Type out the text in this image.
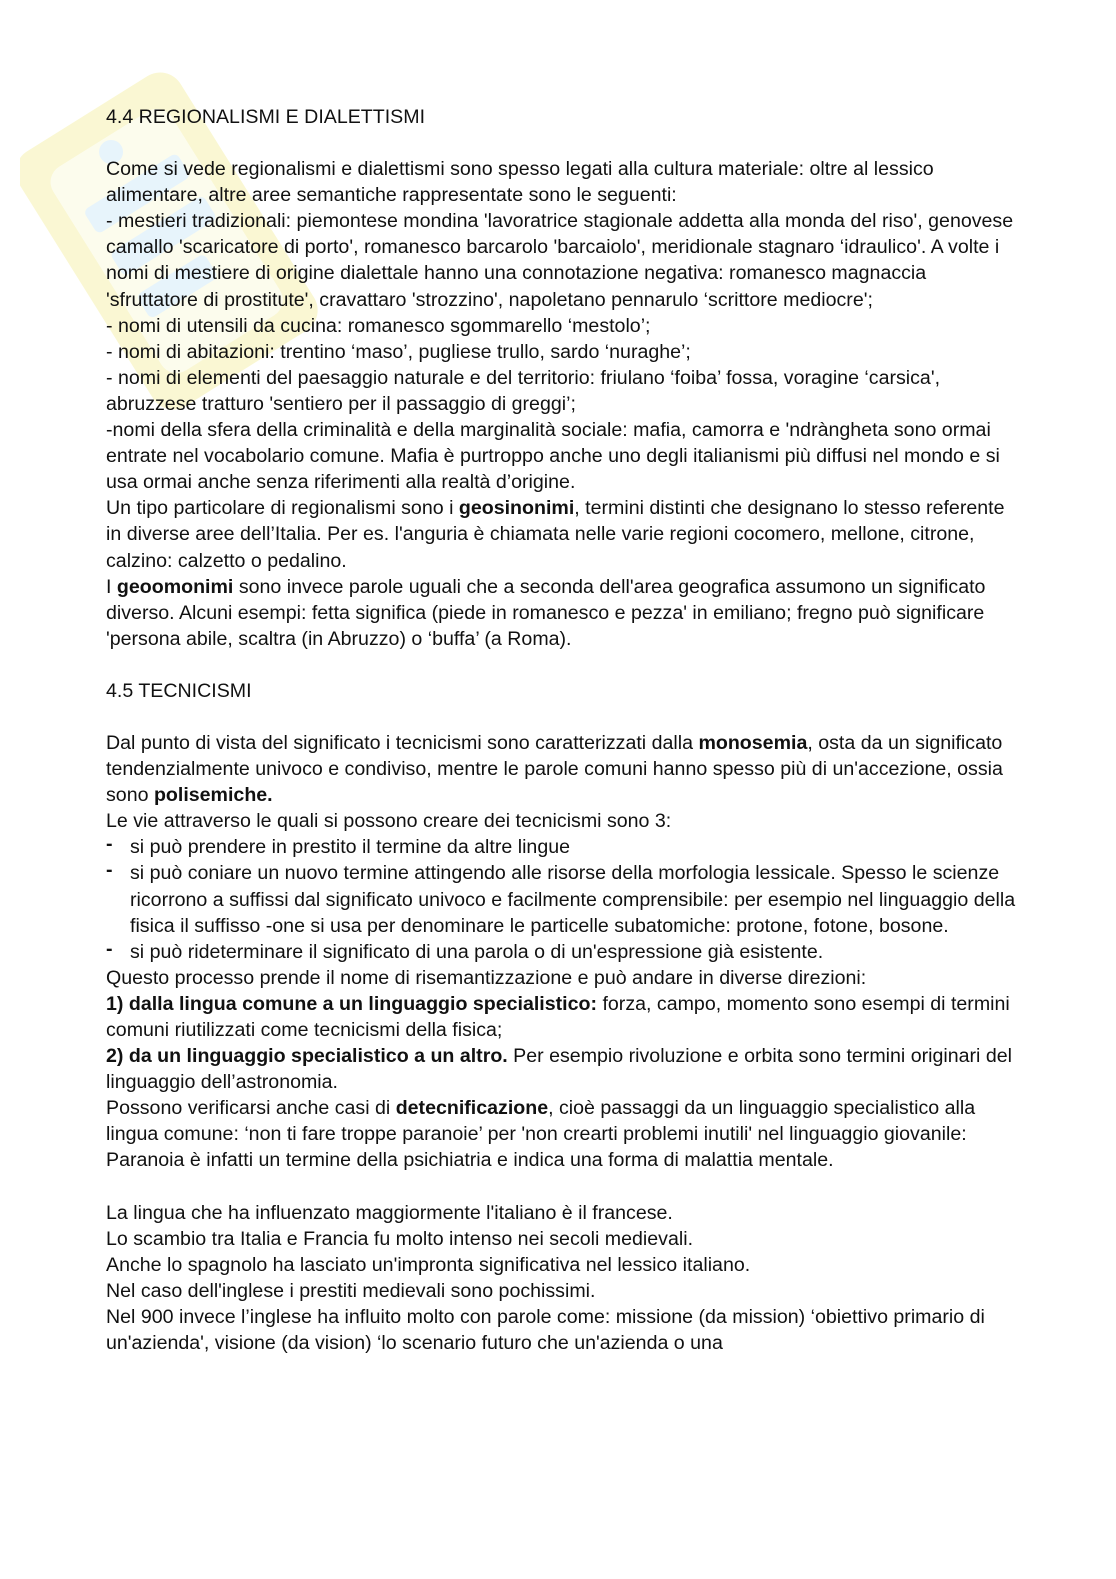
4.4 REGIONALISMI E DIALETTISMI

Come si vede regionalismi e dialettismi sono spesso legati alla cultura materiale: oltre al lessico alimentare, altre aree semantiche rappresentate sono le seguenti:

- mestieri tradizionali: piemontese mondina 'lavoratrice stagionale addetta alla monda del riso', genovese camallo 'scaricatore di porto', romanesco barcarolo 'barcaiolo', meridionale stagnaro ‘idraulico'. A volte i nomi di mestiere di origine dialettale hanno una connotazione negativa: romanesco magnaccia 'sfruttatore di prostitute', cravattaro 'strozzino', napoletano pennarulo ‘scrittore mediocre';

- nomi di utensili da cucina: romanesco sgommarello ‘mestolo’;

- nomi di abitazioni: trentino ‘maso’, pugliese trullo, sardo ‘nuraghe’;

- nomi di elementi del paesaggio naturale e del territorio: friulano ‘foiba’ fossa, voragine ‘carsica', abruzzese tratturo 'sentiero per il passaggio di greggi’;

-nomi della sfera della criminalità e della marginalità sociale: mafia, camorra e 'ndràngheta sono ormai entrate nel vocabolario comune. Mafia è purtroppo anche uno degli italianismi più diffusi nel mondo e si usa ormai anche senza riferimenti alla realtà d’origine.

Un tipo particolare di regionalismi sono i geosinonimi, termini distinti che designano lo stesso referente in diverse aree dell’Italia. Per es. l'anguria è chiamata nelle varie regioni cocomero, mellone, citrone, calzino: calzetto o pedalino.

I geoomonimi sono invece parole uguali che a seconda dell'area geografica assumono un significato diverso. Alcuni esempi: fetta significa (piede in romanesco e pezza' in emiliano; fregno può significare 'persona abile, scaltra (in Abruzzo) o ‘buffa’ (a Roma).

4.5 TECNICISMI

Dal punto di vista del significato i tecnicismi sono caratterizzati dalla monosemia, osta da un significato tendenzialmente univoco e condiviso, mentre le parole comuni hanno spesso più di un'accezione, ossia sono polisemiche.

Le vie attraverso le quali si possono creare dei tecnicismi sono 3:

- si può prendere in prestito il termine da altre lingue
- si può coniare un nuovo termine attingendo alle risorse della morfologia lessicale. Spesso le scienze ricorrono a suffissi dal significato univoco e facilmente comprensibile: per esempio nel linguaggio della fisica il suffisso -one si usa per denominare le particelle subatomiche: protone, fotone, bosone.
- si può rideterminare il significato di una parola o di un'espressione già esistente.

Questo processo prende il nome di risemantizzazione e può andare in diverse direzioni:

1) dalla lingua comune a un linguaggio specialistico: forza, campo, momento sono esempi di termini comuni riutilizzati come tecnicismi della fisica;

2) da un linguaggio specialistico a un altro. Per esempio rivoluzione e orbita sono termini originari del linguaggio dell’astronomia.

Possono verificarsi anche casi di detecnificazione, cioè passaggi da un linguaggio specialistico alla lingua comune: ‘non ti fare troppe paranoie’ per 'non crearti problemi inutili' nel linguaggio giovanile: Paranoia è infatti un termine della psichiatria e indica una forma di malattia mentale.

La lingua che ha influenzato maggiormente l'italiano è il francese.

Lo scambio tra Italia e Francia fu molto intenso nei secoli medievali.

Anche lo spagnolo ha lasciato un'impronta significativa nel lessico italiano.

Nel caso dell'inglese i prestiti medievali sono pochissimi.

Nel 900 invece l’inglese ha influito molto con parole come: missione (da mission) ‘obiettivo primario di un'azienda', visione (da vision) ‘lo scenario futuro che un'azienda o una
